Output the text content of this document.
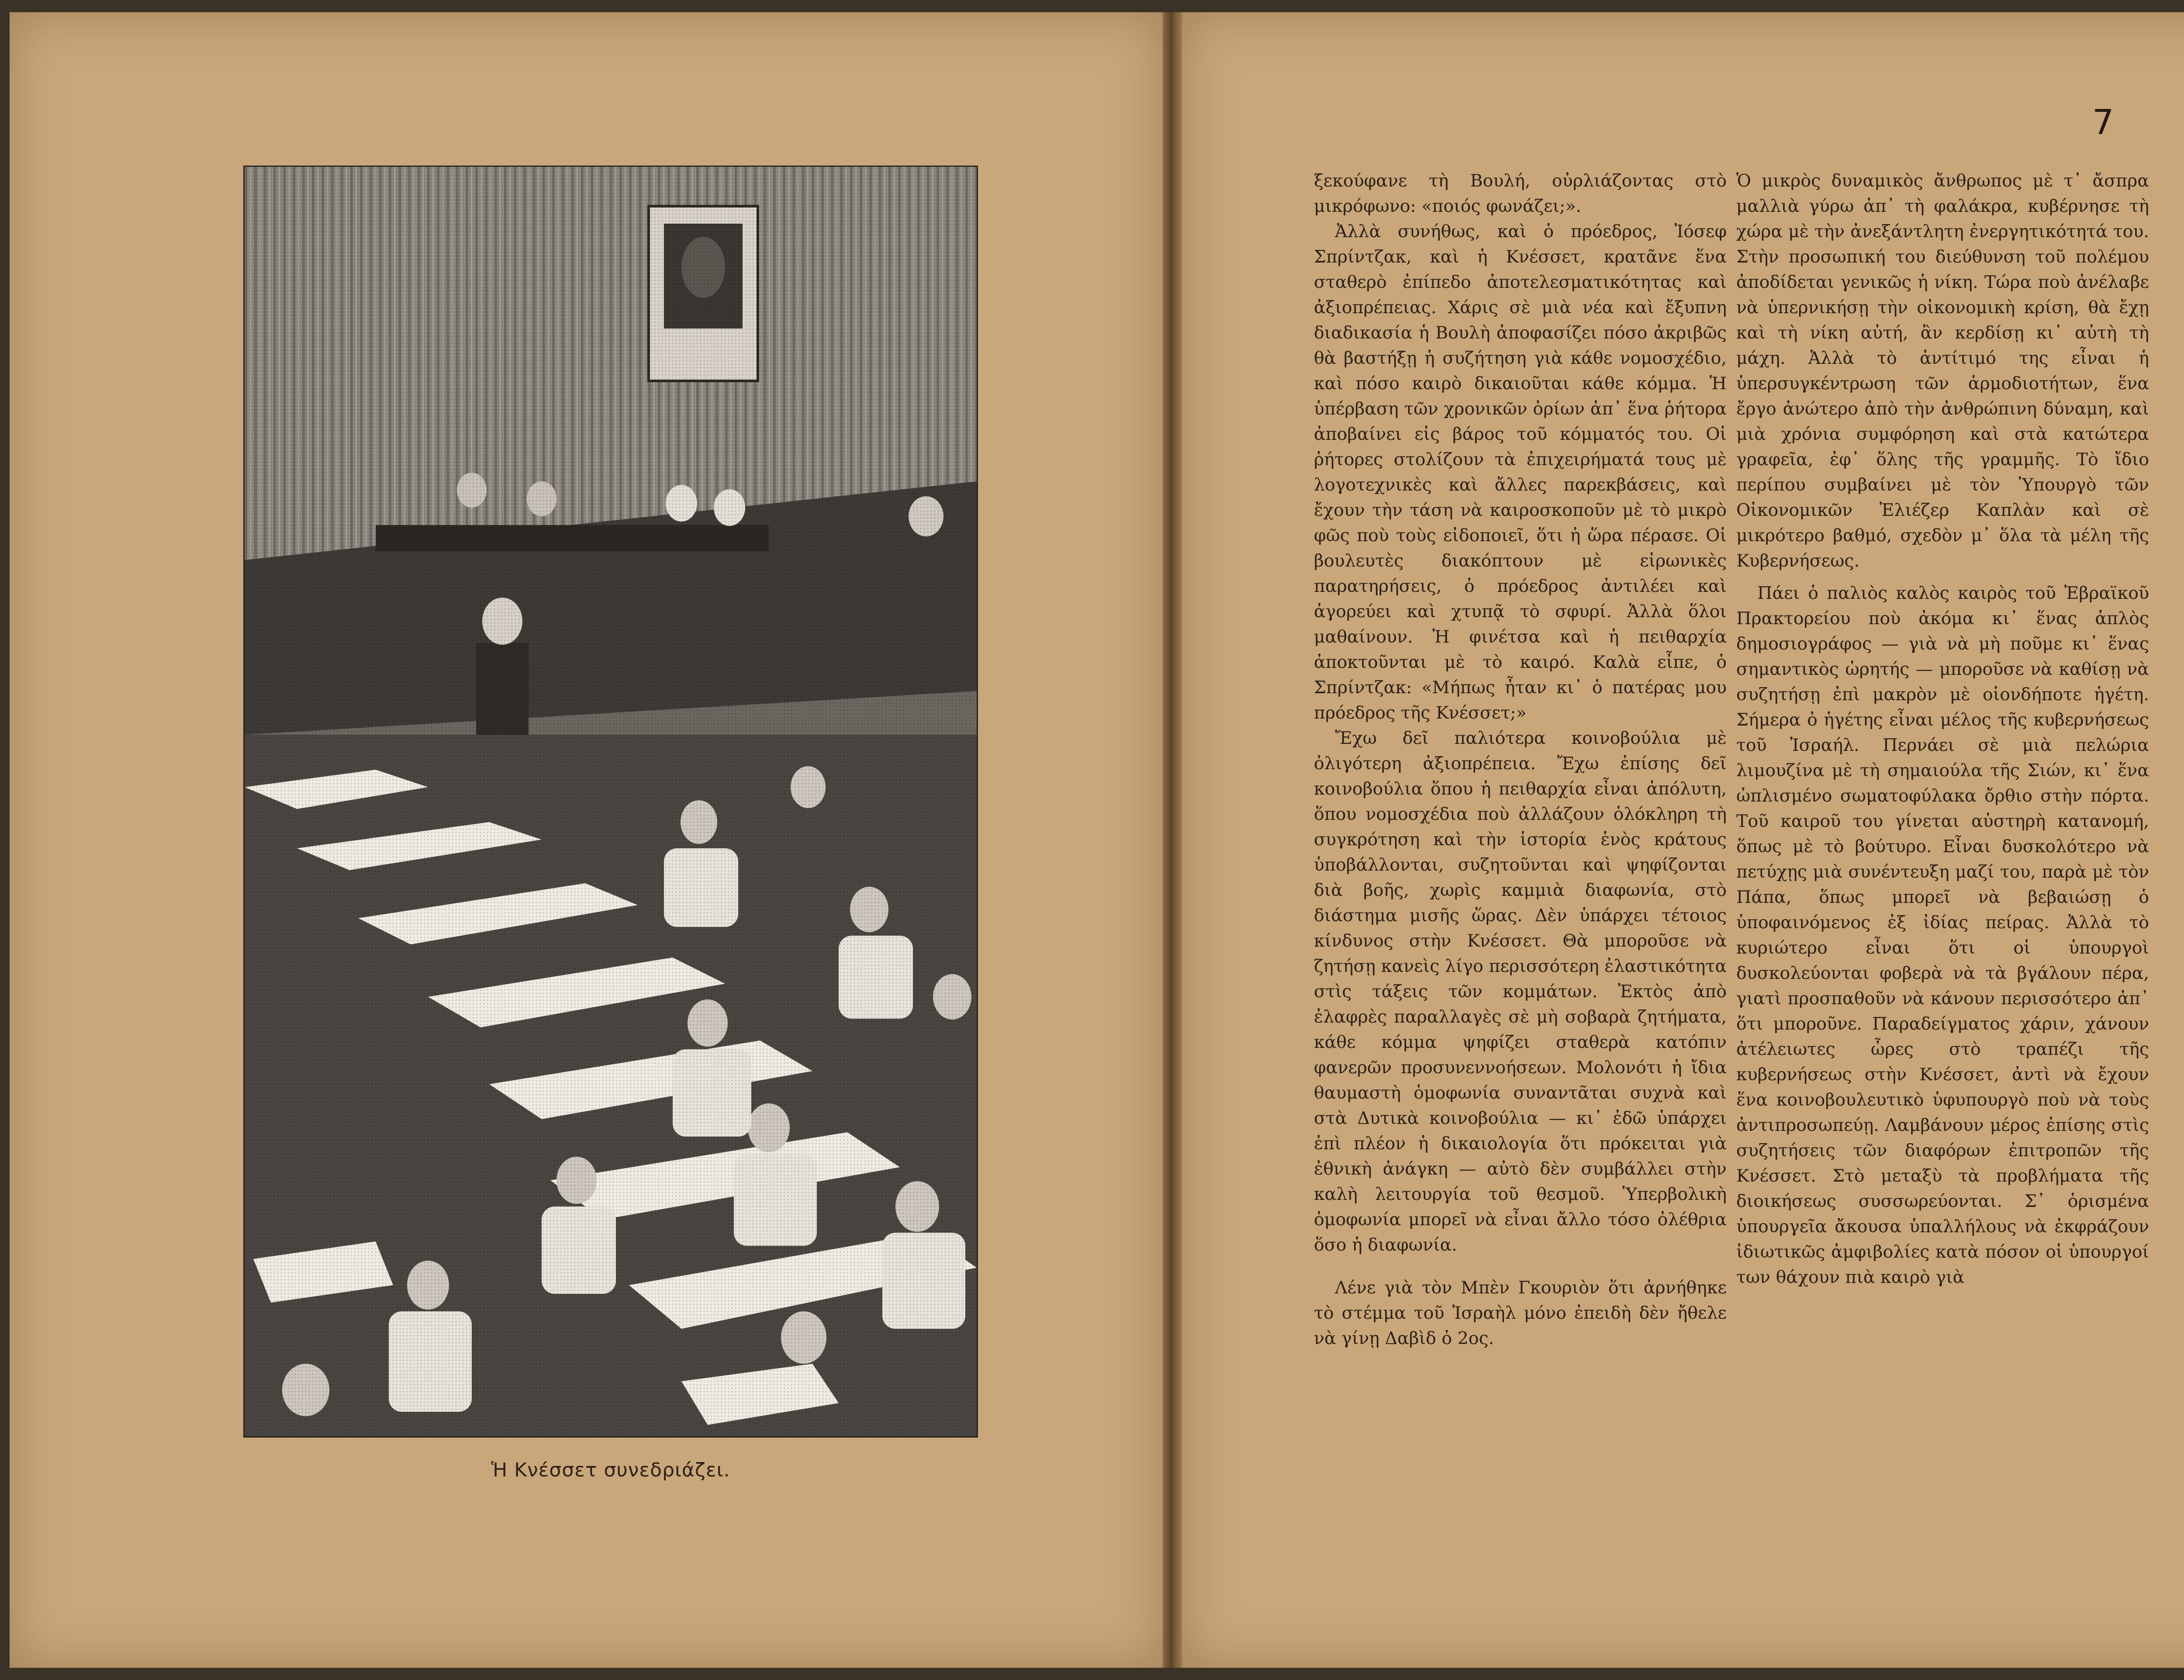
Ἡ Κνέσσετ συνεδριάζει.
7

ξεκούφανε τὴ Βουλή, οὐρλιάζοντας στὸ μικρόφωνο: «ποιός φωνάζει;».

Ἀλλὰ συνήθως, καὶ ὁ πρόεδρος, Ἰόσεφ Σπρίντζακ, καὶ ἡ Κνέσσετ, κρατᾶνε ἕνα σταθερὸ ἐπίπεδο ἀποτελεσματικότητας καὶ ἀξιοπρέπειας. Χάρις σὲ μιὰ νέα καὶ ἔξυπνη διαδικασία ἡ Βουλὴ ἀποφασίζει πόσο ἀκριβῶς θὰ βαστήξῃ ἡ συζήτηση γιὰ κάθε νομοσχέδιο, καὶ πόσο καιρὸ δικαιοῦται κάθε κόμμα. Ἡ ὑπέρβαση τῶν χρονικῶν ὁρίων ἀπ᾽ ἕνα ῥήτορα ἀποβαίνει εἰς βάρος τοῦ κόμματός του. Οἱ ῥήτορες στολίζουν τὰ ἐπιχειρήματά τους μὲ λογοτεχνικὲς καὶ ἄλλες παρεκβάσεις, καὶ ἔχουν τὴν τάση νὰ καιροσκοποῦν μὲ τὸ μικρὸ φῶς ποὺ τοὺς εἰδοποιεῖ, ὅτι ἡ ὥρα πέρασε. Οἱ βουλευτὲς διακόπτουν μὲ εἰρωνικὲς παρατηρήσεις, ὁ πρόεδρος ἀντιλέει καὶ ἀγορεύει καὶ χτυπᾷ τὸ σφυρί. Ἀλλὰ ὅλοι μαθαίνουν. Ἡ φινέτσα καὶ ἡ πειθαρχία ἀποκτοῦνται μὲ τὸ καιρό. Καλὰ εἶπε, ὁ Σπρίντζακ: «Μήπως ἦταν κι᾽ ὁ πατέρας μου πρόεδρος τῆς Κνέσσετ;»

Ἔχω δεῖ παλιότερα κοινοβούλια μὲ ὀλιγότερη ἀξιοπρέπεια. Ἔχω ἐπίσης δεῖ κοινοβούλια ὅπου ἡ πειθαρχία εἶναι ἀπόλυτη, ὅπου νομοσχέδια ποὺ ἀλλάζουν ὁλόκληρη τὴ συγκρότηση καὶ τὴν ἱστορία ἑνὸς κράτους ὑποβάλλονται, συζητοῦνται καὶ ψηφίζονται διὰ βοῆς, χωρὶς καμμιὰ διαφωνία, στὸ διάστημα μισῆς ὥρας. Δὲν ὑπάρχει τέτοιος κίνδυνος στὴν Κνέσσετ. Θὰ μποροῦσε νὰ ζητήσῃ κανεὶς λίγο περισσότερη ἐλαστικότητα στὶς τάξεις τῶν κομμάτων. Ἐκτὸς ἀπὸ ἐλαφρὲς παραλλαγὲς σὲ μὴ σοβαρὰ ζητήματα, κάθε κόμμα ψηφίζει σταθερὰ κατόπιν φανερῶν προσυνεννοήσεων. Μολονότι ἡ ἴδια θαυμαστὴ ὁμοφωνία συναντᾶται συχνὰ καὶ στὰ Δυτικὰ κοινοβούλια — κι᾽ ἐδῶ ὑπάρχει ἐπὶ πλέον ἡ δικαιολογία ὅτι πρόκειται γιὰ ἐθνικὴ ἀνάγκη — αὐτὸ δὲν συμβάλλει στὴν καλὴ λειτουργία τοῦ θεσμοῦ. Ὑπερβολικὴ ὁμοφωνία μπορεῖ νὰ εἶναι ἄλλο τόσο ὀλέθρια ὅσο ἡ διαφωνία.

Λένε γιὰ τὸν Μπὲν Γκουριὸν ὅτι ἀρνήθηκε τὸ στέμμα τοῦ Ἰσραὴλ μόνο ἐπειδὴ δὲν ἤθελε νὰ γίνῃ Δαβὶδ ὁ 2ος.

Ὁ μικρὸς δυναμικὸς ἄνθρωπος μὲ τ᾽ ἄσπρα μαλλιὰ γύρω ἀπ᾽ τὴ φαλάκρα, κυβέρνησε τὴ χώρα μὲ τὴν ἀνεξάντλητη ἐνεργητικότητά του. Στὴν προσωπική του διεύθυνση τοῦ πολέμου ἀποδίδεται γενικῶς ἡ νίκη. Τώρα ποὺ ἀνέλαβε νὰ ὑπερνικήσῃ τὴν οἰκονομικὴ κρίση, θὰ ἔχῃ καὶ τὴ νίκη αὐτή, ἂν κερδίσῃ κι᾽ αὐτὴ τὴ μάχη. Ἀλλὰ τὸ ἀντίτιμό της εἶναι ἡ ὑπερσυγκέντρωση τῶν ἁρμοδιοτήτων, ἕνα ἔργο ἀνώτερο ἀπὸ τὴν ἀνθρώπινη δύναμη, καὶ μιὰ χρόνια συμφόρηση καὶ στὰ κατώτερα γραφεῖα, ἐφ᾽ ὅλης τῆς γραμμῆς. Τὸ ἴδιο περίπου συμβαίνει μὲ τὸν Ὑπουργὸ τῶν Οἰκονομικῶν Ἐλιέζερ Καπλὰν καὶ σὲ μικρότερο βαθμό, σχεδὸν μ᾽ ὅλα τὰ μέλη τῆς Κυβερνήσεως.

Πάει ὁ παλιὸς καλὸς καιρὸς τοῦ Ἑβραϊκοῦ Πρακτορείου ποὺ ἀκόμα κι᾽ ἕνας ἁπλὸς δημοσιογράφος — γιὰ νὰ μὴ ποῦμε κι᾽ ἕνας σημαντικὸς ὡρητής — μποροῦσε νὰ καθίσῃ νὰ συζητήσῃ ἐπὶ μακρὸν μὲ οἱονδήποτε ἡγέτη. Σήμερα ὁ ἡγέτης εἶναι μέλος τῆς κυβερνήσεως τοῦ Ἰσραήλ. Περνάει σὲ μιὰ πελώρια λιμουζίνα μὲ τὴ σημαιούλα τῆς Σιών, κι᾽ ἕνα ὡπλισμένο σωματοφύλακα ὄρθιο στὴν πόρτα. Τοῦ καιροῦ του γίνεται αὐστηρὴ κατανομή, ὅπως μὲ τὸ βούτυρο. Εἶναι δυσκολότερο νὰ πετύχῃς μιὰ συνέντευξη μαζί του, παρὰ μὲ τὸν Πάπα, ὅπως μπορεῖ νὰ βεβαιώσῃ ὁ ὑποφαινόμενος ἐξ ἰδίας πείρας. Ἀλλὰ τὸ κυριώτερο εἶναι ὅτι οἱ ὑπουργοὶ δυσκολεύονται φοβερὰ νὰ τὰ βγάλουν πέρα, γιατὶ προσπαθοῦν νὰ κάνουν περισσότερο ἀπ᾽ ὅτι μποροῦνε. Παραδείγματος χάριν, χάνουν ἀτέλειωτες ὧρες στὸ τραπέζι τῆς κυβερνήσεως στὴν Κνέσσετ, ἀντὶ νὰ ἔχουν ἕνα κοινοβουλευτικὸ ὑφυπουργὸ ποὺ νὰ τοὺς ἀντιπροσωπεύῃ. Λαμβάνουν μέρος ἐπίσης στὶς συζητήσεις τῶν διαφόρων ἐπιτροπῶν τῆς Κνέσσετ. Στὸ μεταξὺ τὰ προβλήματα τῆς διοικήσεως συσσωρεύονται. Σ᾽ ὁρισμένα ὑπουργεῖα ἄκουσα ὑπαλλήλους νὰ ἐκφράζουν ἰδιωτικῶς ἀμφιβολίες κατὰ πόσον οἱ ὑπουργοί των θάχουν πιὰ καιρὸ γιὰ
